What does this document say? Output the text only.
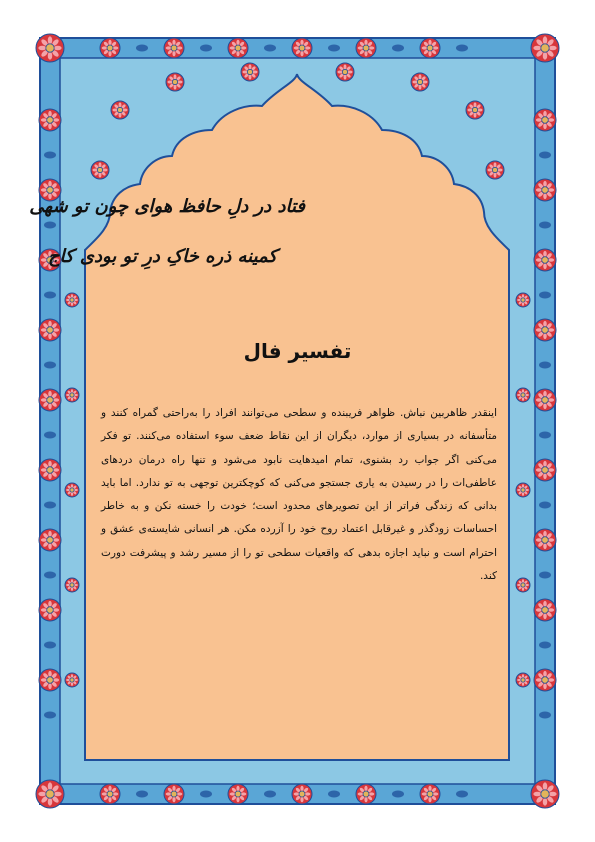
فتاد در دلِ حافظ هوای چون تو شهی
کمینه ذره خاکِ درِ تو بودی کاج
تفسیر فال
اینقدر ظاهربین نباش. ظواهر فریبنده و سطحی می‌توانند افراد را به‌راحتی گمراه کنند و متأسفانه در بسیاری از موارد، دیگران از این نقاط ضعف سوء استفاده می‌کنند. تو فکر می‌کنی اگر جواب رد بشنوی، تمام امیدهایت نابود می‌شود و تنها راه درمان دردهای عاطفی‌ات را در رسیدن به یاری جستجو می‌کنی که کوچکترین توجهی به تو ندارد. اما باید بدانی که زندگی فراتر از این تصویرهای محدود است؛ خودت را خسته نکن و به خاطر احساسات زودگذر و غیرقابل اعتماد روح خود را آزرده مکن. هر انسانی شایسته‌ی عشق و احترام است و نباید اجازه بدهی که واقعیات سطحی تو را از مسیر رشد و پیشرفت دورت کند.
